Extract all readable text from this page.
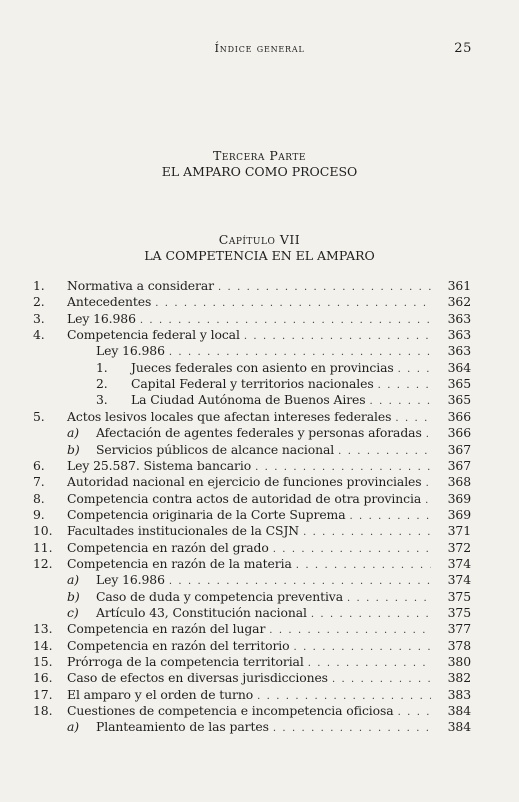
Índice general	25
Tercera Parte
EL AMPARO COMO PROCESO
Capítulo VII
LA COMPETENCIA EN EL AMPARO
1.	Normativa a considerar . . .	361
2.	Antecedentes . . .	362
3.	Ley 16.986 . . .	363
4.	Competencia federal y local . . .	363
Ley 16.986 . . .	363
1.	Jueces federales con asiento en provincias . . .	364
2.	Capital Federal y territorios nacionales . . .	365
3.	La Ciudad Autónoma de Buenos Aires . . .	365
5.	Actos lesivos locales que afectan intereses federales . . .	366
a)	Afectación de agentes federales y personas aforadas . . .	366
b)	Servicios públicos de alcance nacional . . .	367
6.	Ley 25.587. Sistema bancario . . .	367
7.	Autoridad nacional en ejercicio de funciones provinciales . . .	368
8.	Competencia contra actos de autoridad de otra provincia . . .	369
9.	Competencia originaria de la Corte Suprema . . .	369
10.	Facultades institucionales de la CSJN . . .	371
11.	Competencia en razón del grado . . .	372
12.	Competencia en razón de la materia . . .	374
a)	Ley 16.986 . . .	374
b)	Caso de duda y competencia preventiva . . .	375
c)	Artículo 43, Constitución nacional . . .	375
13.	Competencia en razón del lugar . . .	377
14.	Competencia en razón del territorio . . .	378
15.	Prórroga de la competencia territorial . . .	380
16.	Caso de efectos en diversas jurisdicciones . . .	382
17.	El amparo y el orden de turno . . .	383
18.	Cuestiones de competencia e incompetencia oficiosa . . .	384
a)	Planteamiento de las partes . . .	384
